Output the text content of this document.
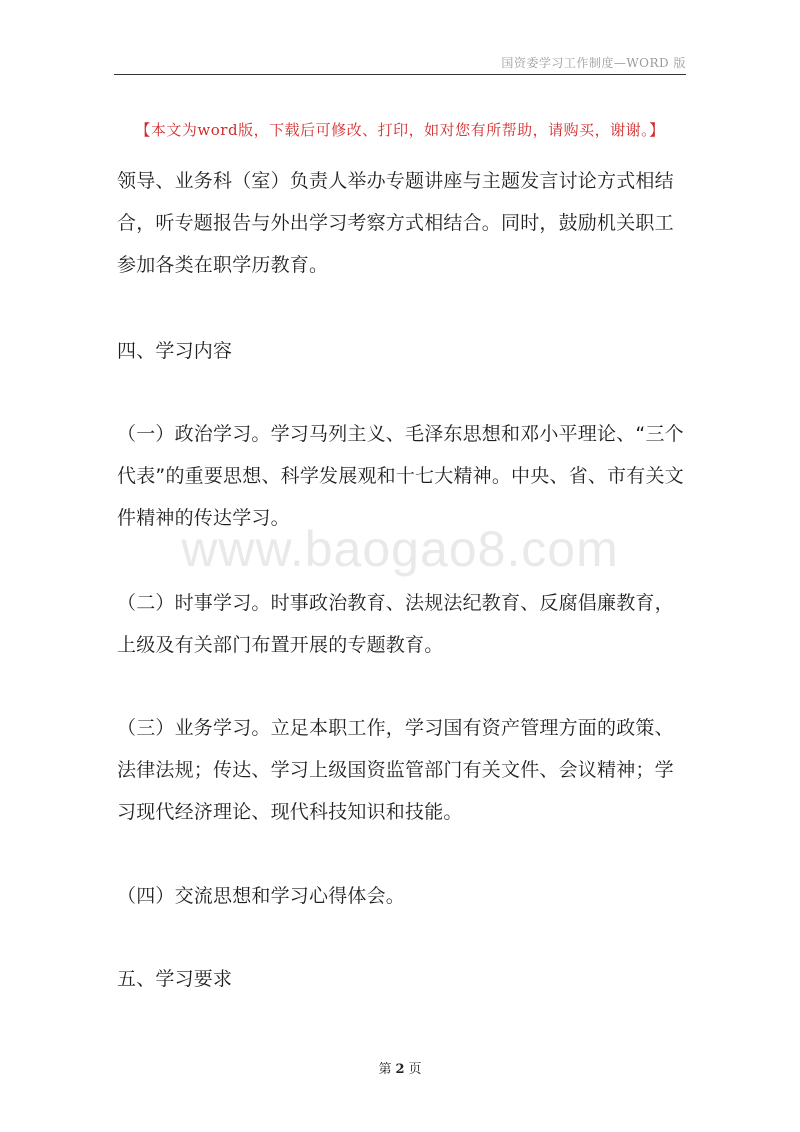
国资委学习工作制度—WORD 版
【本文为word版，下载后可修改、打印，如对您有所帮助，请购买，谢谢。】
www.baogao8.com

领导、业务科（室）负责人举办专题讲座与主题发言讨论方式相结合，听专题报告与外出学习考察方式相结合。同时，鼓励机关职工参加各类在职学历教育。

四、学习内容

（一）政治学习。学习马列主义、毛泽东思想和邓小平理论、“三个代表”的重要思想、科学发展观和十七大精神。中央、省、市有关文件精神的传达学习。

（二）时事学习。时事政治教育、法规法纪教育、反腐倡廉教育，上级及有关部门布置开展的专题教育。

（三）业务学习。立足本职工作，学习国有资产管理方面的政策、法律法规；传达、学习上级国资监管部门有关文件、会议精神；学习现代经济理论、现代科技知识和技能。

（四）交流思想和学习心得体会。

五、学习要求

第 2 页
